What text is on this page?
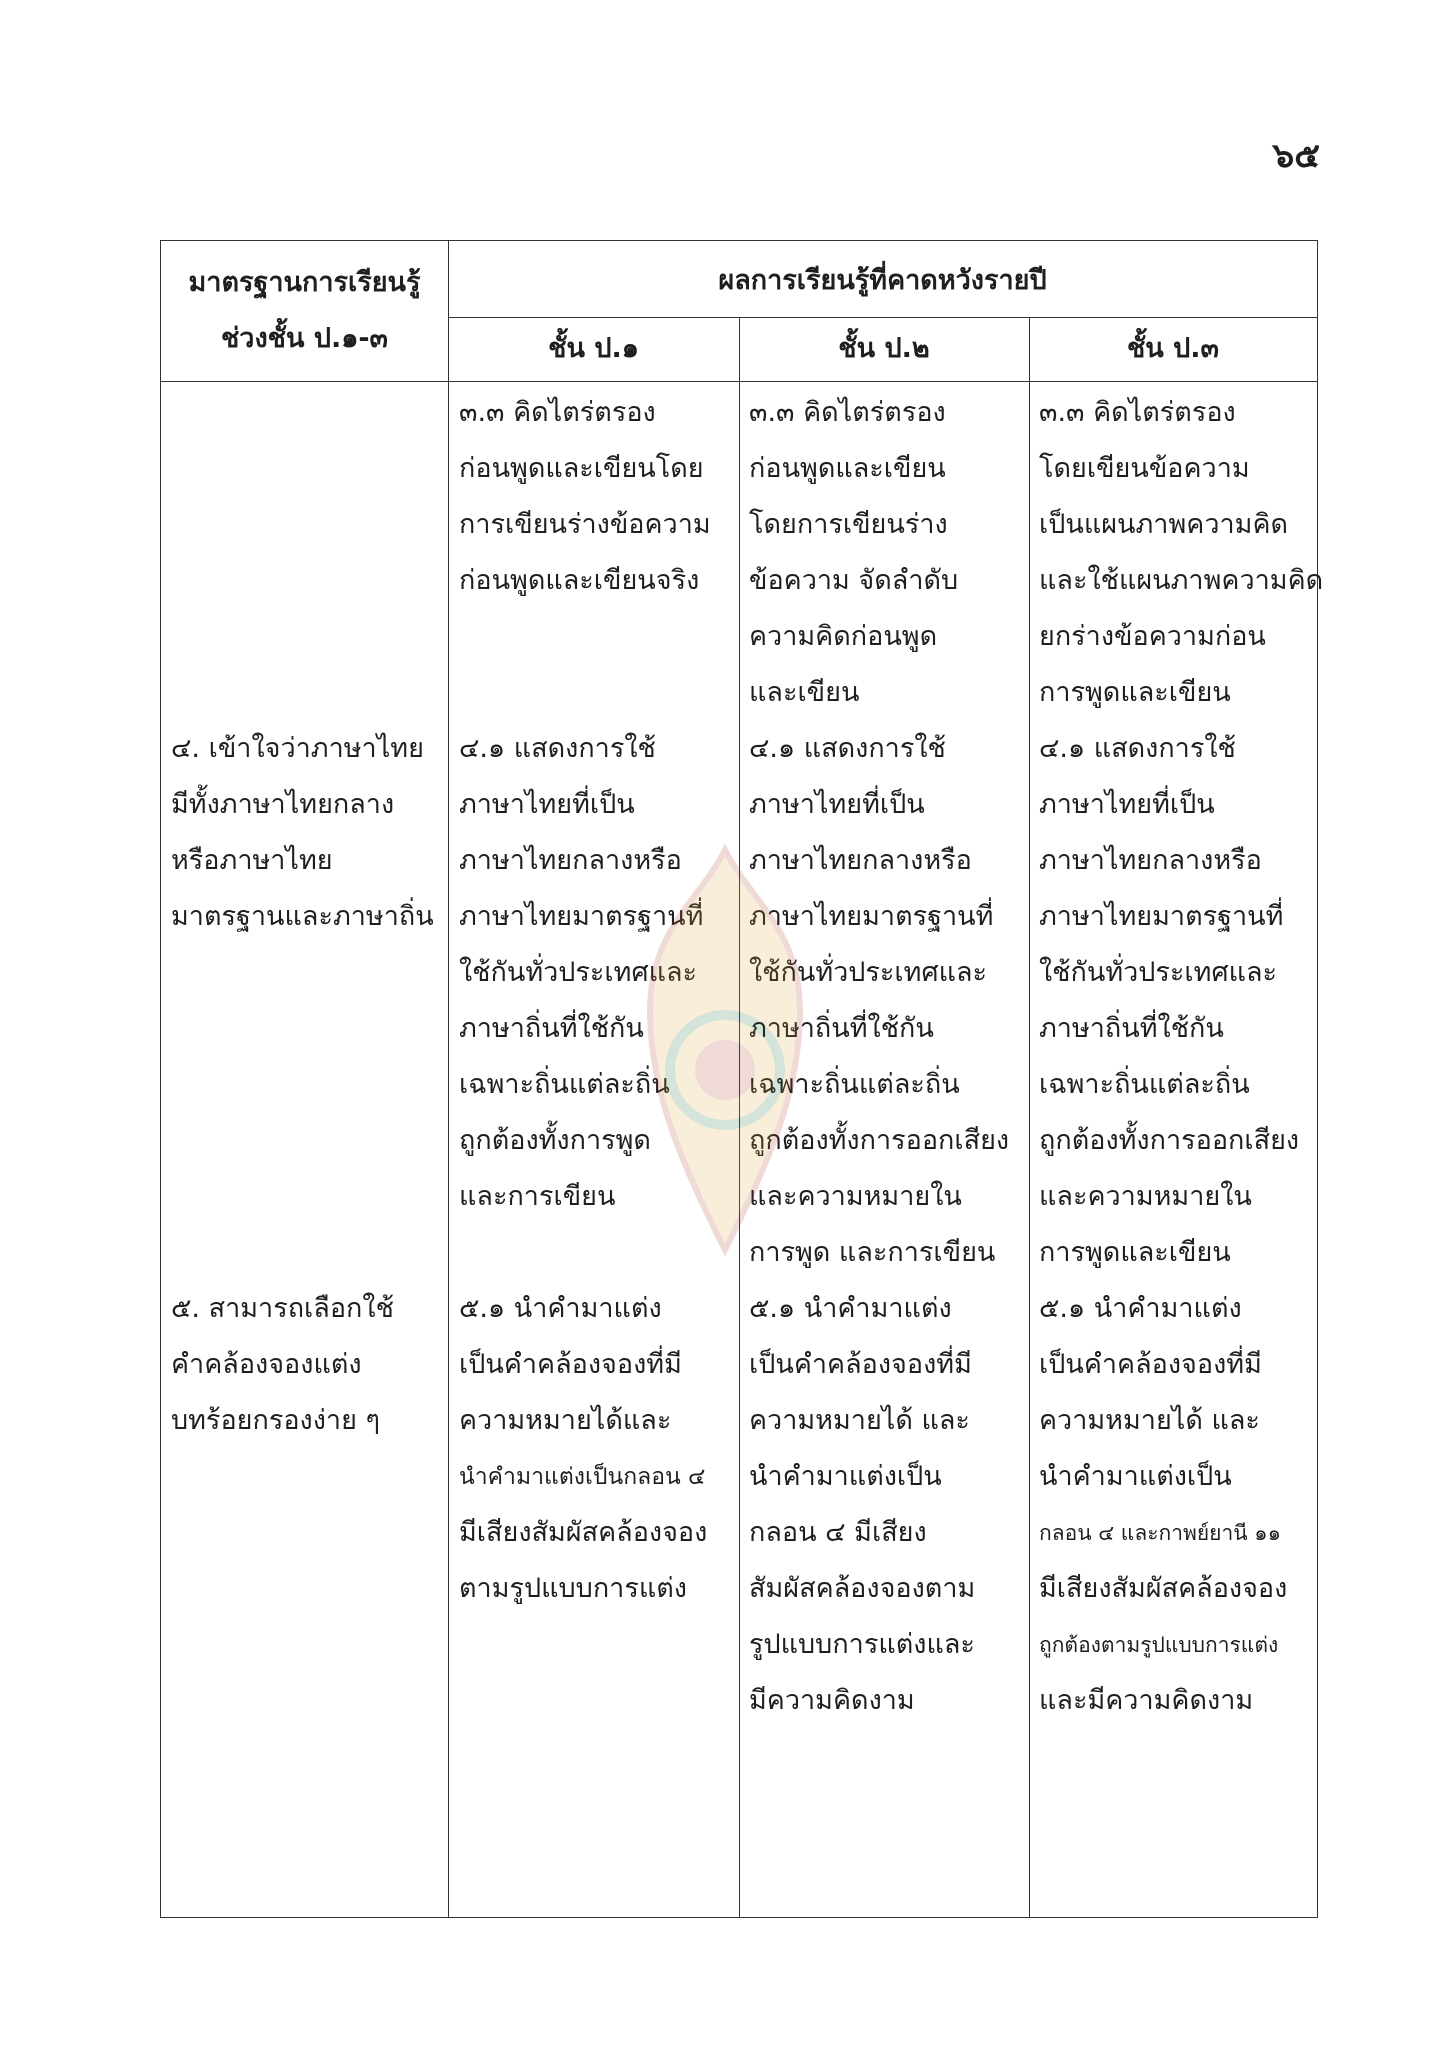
๖๕
มาตรฐานการเรียนรู้
ช่วงชั้น ป.๑-๓
ผลการเรียนรู้ที่คาดหวังรายปี
ชั้น ป.๑	ชั้น ป.๒	ชั้น ป.๓
๔. เข้าใจว่าภาษาไทย
มีทั้งภาษาไทยกลาง
หรือภาษาไทย
มาตรฐานและภาษาถิ่น
๕. สามารถเลือกใช้
คำคล้องจองแต่ง
บทร้อยกรองง่าย ๆ
๓.๓ คิดไตร่ตรอง
ก่อนพูดและเขียนโดย
การเขียนร่างข้อความ
ก่อนพูดและเขียนจริง
๔.๑ แสดงการใช้
ภาษาไทยที่เป็น
ภาษาไทยกลางหรือ
ภาษาไทยมาตรฐานที่
ใช้กันทั่วประเทศและ
ภาษาถิ่นที่ใช้กัน
เฉพาะถิ่นแต่ละถิ่น
ถูกต้องทั้งการพูด
และการเขียน
๕.๑ นำคำมาแต่ง
เป็นคำคล้องจองที่มี
ความหมายได้และ
นำคำมาแต่งเป็นกลอน ๔
มีเสียงสัมผัสคล้องจอง
ตามรูปแบบการแต่ง
๓.๓ คิดไตร่ตรอง
ก่อนพูดและเขียน
โดยการเขียนร่าง
ข้อความ จัดลำดับ
ความคิดก่อนพูด
และเขียน
๔.๑ แสดงการใช้
ภาษาไทยที่เป็น
ภาษาไทยกลางหรือ
ภาษาไทยมาตรฐานที่
ใช้กันทั่วประเทศและ
ภาษาถิ่นที่ใช้กัน
เฉพาะถิ่นแต่ละถิ่น
ถูกต้องทั้งการออกเสียง
และความหมายใน
การพูด และการเขียน
๕.๑ นำคำมาแต่ง
เป็นคำคล้องจองที่มี
ความหมายได้ และ
นำคำมาแต่งเป็น
กลอน ๔ มีเสียง
สัมผัสคล้องจองตาม
รูปแบบการแต่งและ
มีความคิดงาม
๓.๓ คิดไตร่ตรอง
โดยเขียนข้อความ
เป็นแผนภาพความคิด
และใช้แผนภาพความคิด
ยกร่างข้อความก่อน
การพูดและเขียน
๔.๑ แสดงการใช้
ภาษาไทยที่เป็น
ภาษาไทยกลางหรือ
ภาษาไทยมาตรฐานที่
ใช้กันทั่วประเทศและ
ภาษาถิ่นที่ใช้กัน
เฉพาะถิ่นแต่ละถิ่น
ถูกต้องทั้งการออกเสียง
และความหมายใน
การพูดและเขียน
๕.๑ นำคำมาแต่ง
เป็นคำคล้องจองที่มี
ความหมายได้ และ
นำคำมาแต่งเป็น
กลอน ๔ และกาพย์ยานี ๑๑
มีเสียงสัมผัสคล้องจอง
ถูกต้องตามรูปแบบการแต่ง
และมีความคิดงาม
